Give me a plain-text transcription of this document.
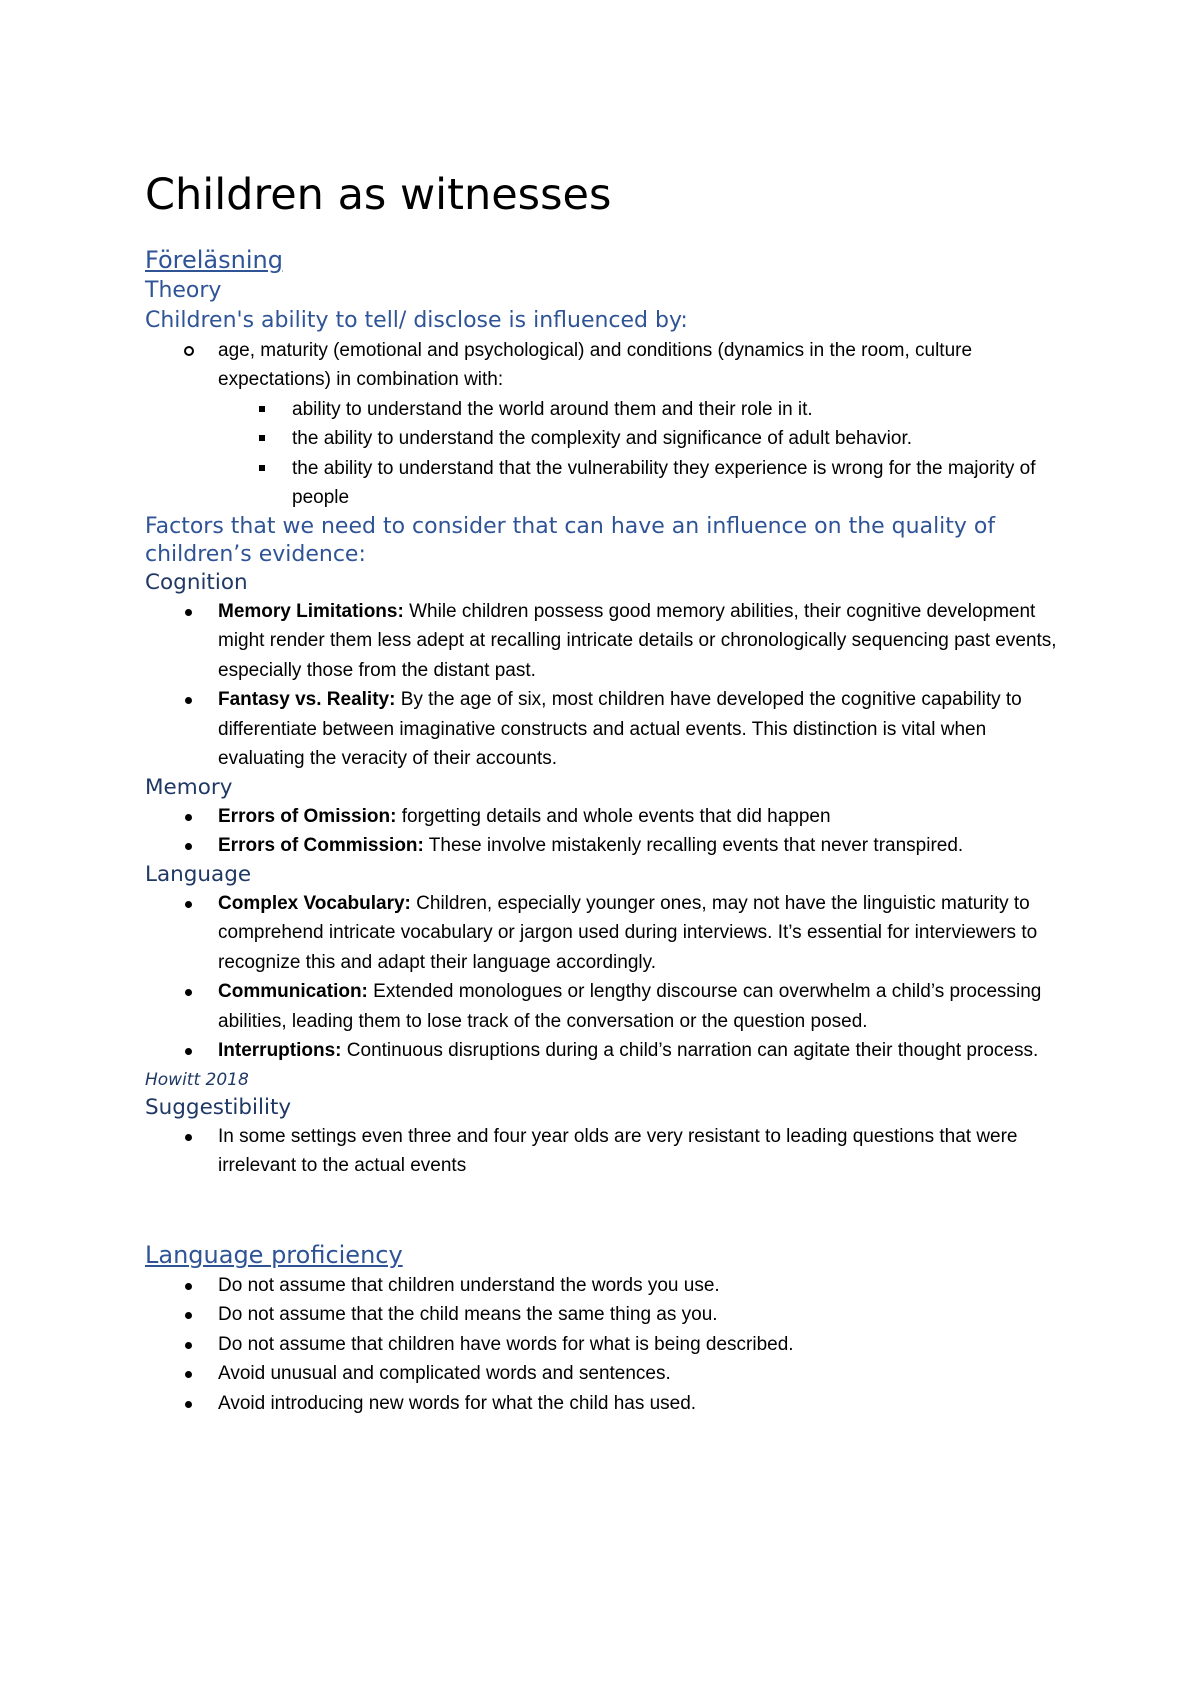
Children as witnesses
Föreläsning
Theory
Children's ability to tell/ disclose is influenced by:
age, maturity (emotional and psychological) and conditions (dynamics in the room, culture expectations) in combination with:
ability to understand the world around them and their role in it.
the ability to understand the complexity and significance of adult behavior.
the ability to understand that the vulnerability they experience is wrong for the majority of people
Factors that we need to consider that can have an influence on the quality of children’s evidence:
Cognition
Memory Limitations: While children possess good memory abilities, their cognitive development might render them less adept at recalling intricate details or chronologically sequencing past events, especially those from the distant past.
Fantasy vs. Reality: By the age of six, most children have developed the cognitive capability to differentiate between imaginative constructs and actual events. This distinction is vital when evaluating the veracity of their accounts.
Memory
Errors of Omission: forgetting details and whole events that did happen
Errors of Commission: These involve mistakenly recalling events that never transpired.
Language
Complex Vocabulary: Children, especially younger ones, may not have the linguistic maturity to comprehend intricate vocabulary or jargon used during interviews. It’s essential for interviewers to recognize this and adapt their language accordingly.
Communication: Extended monologues or lengthy discourse can overwhelm a child’s processing abilities, leading them to lose track of the conversation or the question posed.
Interruptions: Continuous disruptions during a child’s narration can agitate their thought process.
Howitt 2018
Suggestibility
In some settings even three and four year olds are very resistant to leading questions that were irrelevant to the actual events
Language proficiency
Do not assume that children understand the words you use.
Do not assume that the child means the same thing as you.
Do not assume that children have words for what is being described.
Avoid unusual and complicated words and sentences.
Avoid introducing new words for what the child has used.
